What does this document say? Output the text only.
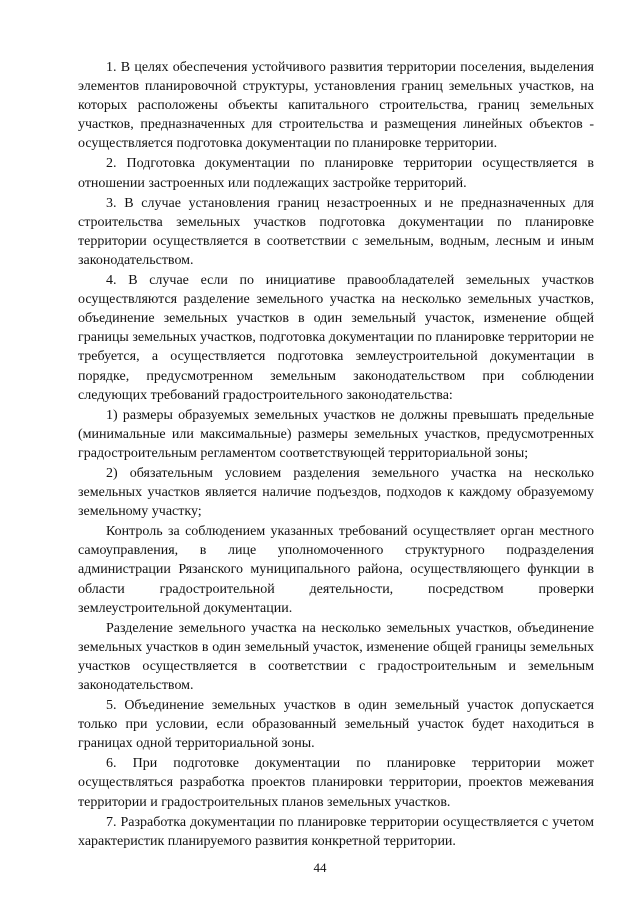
1. В целях обеспечения устойчивого развития территории поселения, выделения элементов планировочной структуры, установления границ земельных участков, на которых расположены объекты капитального строительства, границ земельных участков, предназначенных для строительства и размещения линейных объектов - осуществляется подготовка документации по планировке территории.

2. Подготовка документации по планировке территории осуществляется в отношении застроенных или подлежащих застройке территорий.

3. В случае установления границ незастроенных и не предназначенных для строительства земельных участков подготовка документации по планировке территории осуществляется в соответствии с земельным, водным, лесным и иным законодательством.

4. В случае если по инициативе правообладателей земельных участков осуществляются разделение земельного участка на несколько земельных участков, объединение земельных участков в один земельный участок, изменение общей границы земельных участков, подготовка документации по планировке территории не требуется, а осуществляется подготовка землеустроительной документации в порядке, предусмотренном земельным законодательством при соблюдении следующих требований градостроительного законодательства:

1) размеры образуемых земельных участков не должны превышать предельные (минимальные или максимальные) размеры земельных участков, предусмотренных градостроительным регламентом соответствующей территориальной зоны;

2) обязательным условием разделения земельного участка на несколько земельных участков является наличие подъездов, подходов к каждому образуемому земельному участку;

Контроль за соблюдением указанных требований осуществляет орган местного самоуправления, в лице уполномоченного структурного подразделения администрации Рязанского муниципального района, осуществляющего функции в области градостроительной деятельности, посредством проверки землеустроительной документации.

Разделение земельного участка на несколько земельных участков, объединение земельных участков в один земельный участок, изменение общей границы земельных участков осуществляется в соответствии с градостроительным и земельным законодательством.

5. Объединение земельных участков в один земельный участок допускается только при условии, если образованный земельный участок будет находиться в границах одной территориальной зоны.

6. При подготовке документации по планировке территории может осуществляться разработка проектов планировки территории, проектов межевания территории и градостроительных планов земельных участков.

7. Разработка документации по планировке территории осуществляется с учетом характеристик планируемого развития конкретной территории.

44
